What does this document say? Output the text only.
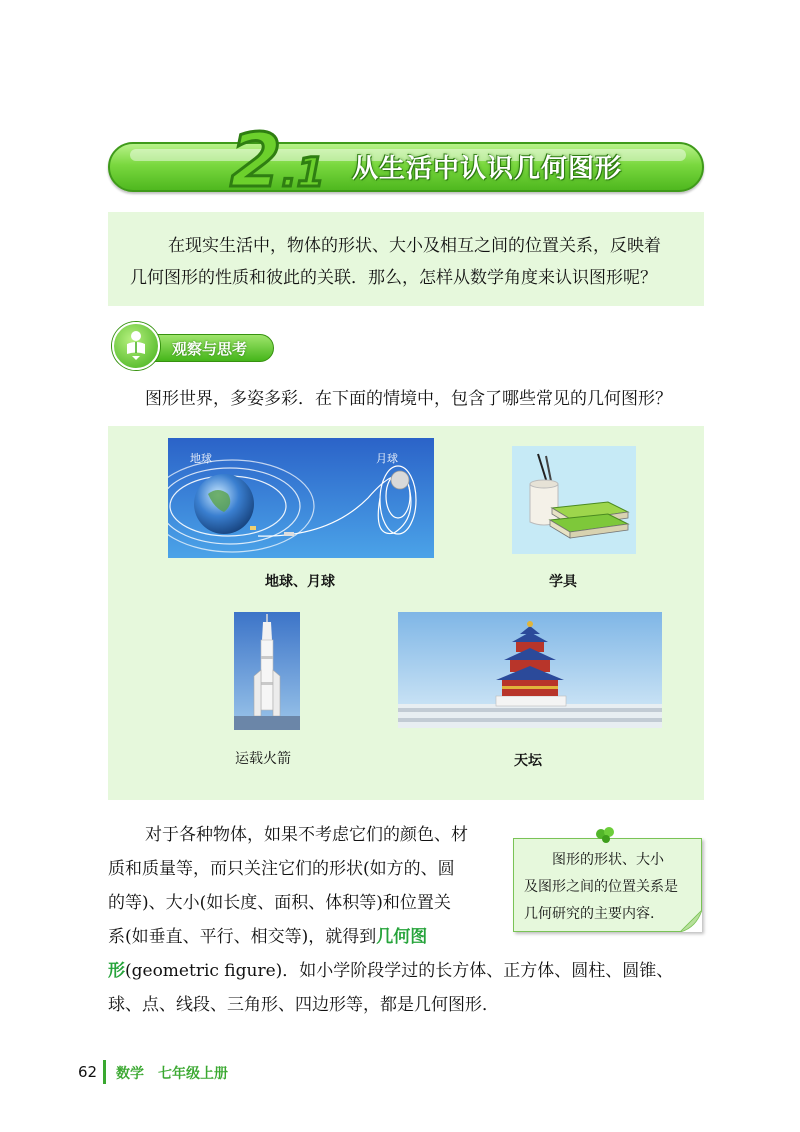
2.1 从生活中认识几何图形
在现实生活中，物体的形状、大小及相互之间的位置关系，反映着
几何图形的性质和彼此的关联．那么，怎样从数学角度来认识图形呢？
观察与思考
图形世界，多姿多彩．在下面的情境中，包含了哪些常见的几何图形？
地球	月球
地球、月球	学具
运载火箭	天坛
对于各种物体，如果不考虑它们的颜色、材
质和质量等，而只关注它们的形状(如方的、圆
的等)、大小(如长度、面积、体积等)和位置关
系(如垂直、平行、相交等)，就得到几何图
形(geometric figure)．如小学阶段学过的长方体、正方体、圆柱、圆锥、
球、点、线段、三角形、四边形等，都是几何图形．
图形的形状、大小
及图形之间的位置关系是
几何研究的主要内容.
62 数学　七年级上册
